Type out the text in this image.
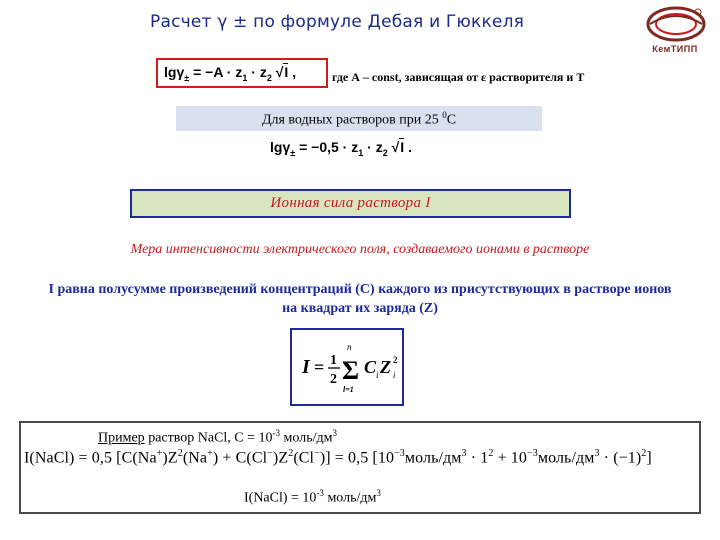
Расчет γ ± по формуле Дебая и Гюккеля
КемТИПП
$\lg\gamma_\pm = -A \cdot z_1 \cdot z_2$ √I ,	где А – const, зависящая от ε растворителя и Т
Для водных растворов при 25 $^0$С
$\lg\gamma_\pm = -0,5 \cdot z_1 \cdot z_2$ √I .
Ионная сила раствора I
Мера интенсивности электрического поля, создаваемого ионами в растворе
I равна полусумме произведений концентраций (С) каждого из присутствующих в растворе ионов на квадрат их заряда (Z)
I = 1
2
n
Σ
l=1
C i Z 2
i
Пример раствор NaCl, $С = 10^{-3}$ моль/$дм^3$
I(NaCl) = 0,5 $[C(Na^+)Z^2(Na^+) + C(Cl^-)Z^2(Cl^-)] = 0,5$ [$10^{-3}моль/дм^3 \cdot 1^2$ + $10^{-3}моль/дм^3 \cdot (-1)^2$]
I(NaCl) = $10^{-3}$ моль/$дм^3$
